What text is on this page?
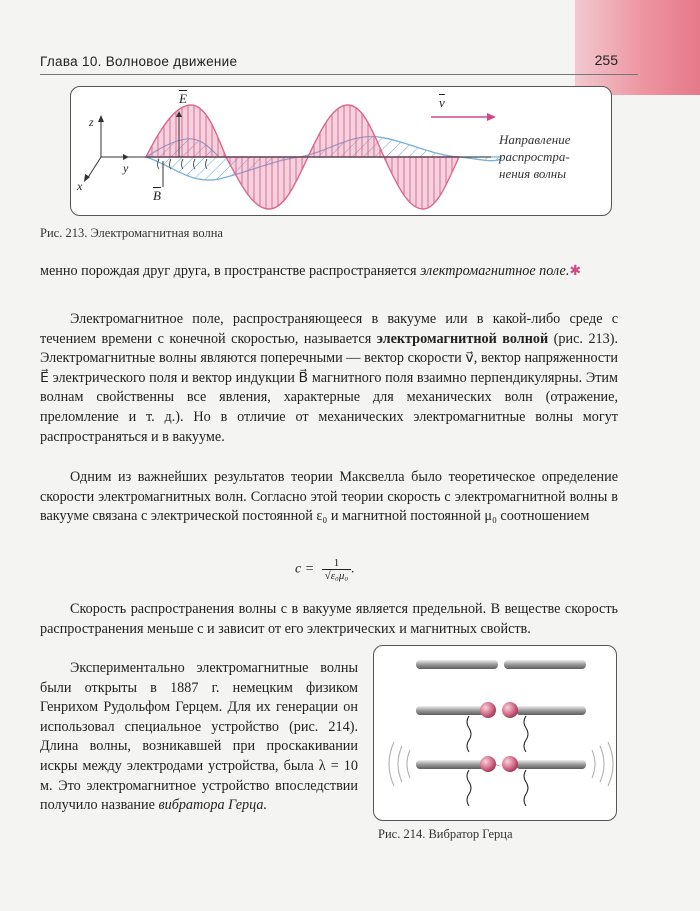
Глава 10. Волновое движение	255
$\overline{E}$	$\overline{v}$
$\overline{B}$
z
y
x
Направление
распростра-
нения волны
Рис. 213. Электромагнитная волна

менно порождая друг друга, в пространстве распространяется электромагнитное поле.✱

Электромагнитное поле, распространяющееся в вакууме или в какой-либо среде с течением времени с конечной скоростью, называется электромагнитной волной (рис. 213). Электромагнитные волны являются поперечными — вектор скорости v⃗, вектор напряженности E⃗ электрического поля и вектор индукции B⃗ магнитного поля взаимно перпендикулярны. Этим волнам свойственны все явления, характерные для механических волн (отражение, преломление и т. д.). Но в отличие от механических электромагнитные волны могут распространяться и в вакууме.

Одним из важнейших результатов теории Максвелла было теоретическое определение скорости электромагнитных волн. Согласно этой теории скорость c электромагнитной волны в вакууме связана с электрической постоянной ε₀ и магнитной постоянной μ₀ соотношением

$c = \frac{1}{\text{√ε₀μ₀}}$ .

Скорость распространения волны c в вакууме является предельной. В веществе скорость распространения меньше c и зависит от его электрических и магнитных свойств.

Экспериментально электромагнитные волны были открыты в 1887 г. немецким физиком Генрихом Рудольфом Герцем. Для их генерации он использовал специальное устройство (рис. 214). Длина волны, возникавшей при проскакивании искры между электродами устройства, была λ = 10 м. Это электромагнитное устройство впоследствии получило название вибратора Герца.

~
Рис. 214. Вибратор Герца
